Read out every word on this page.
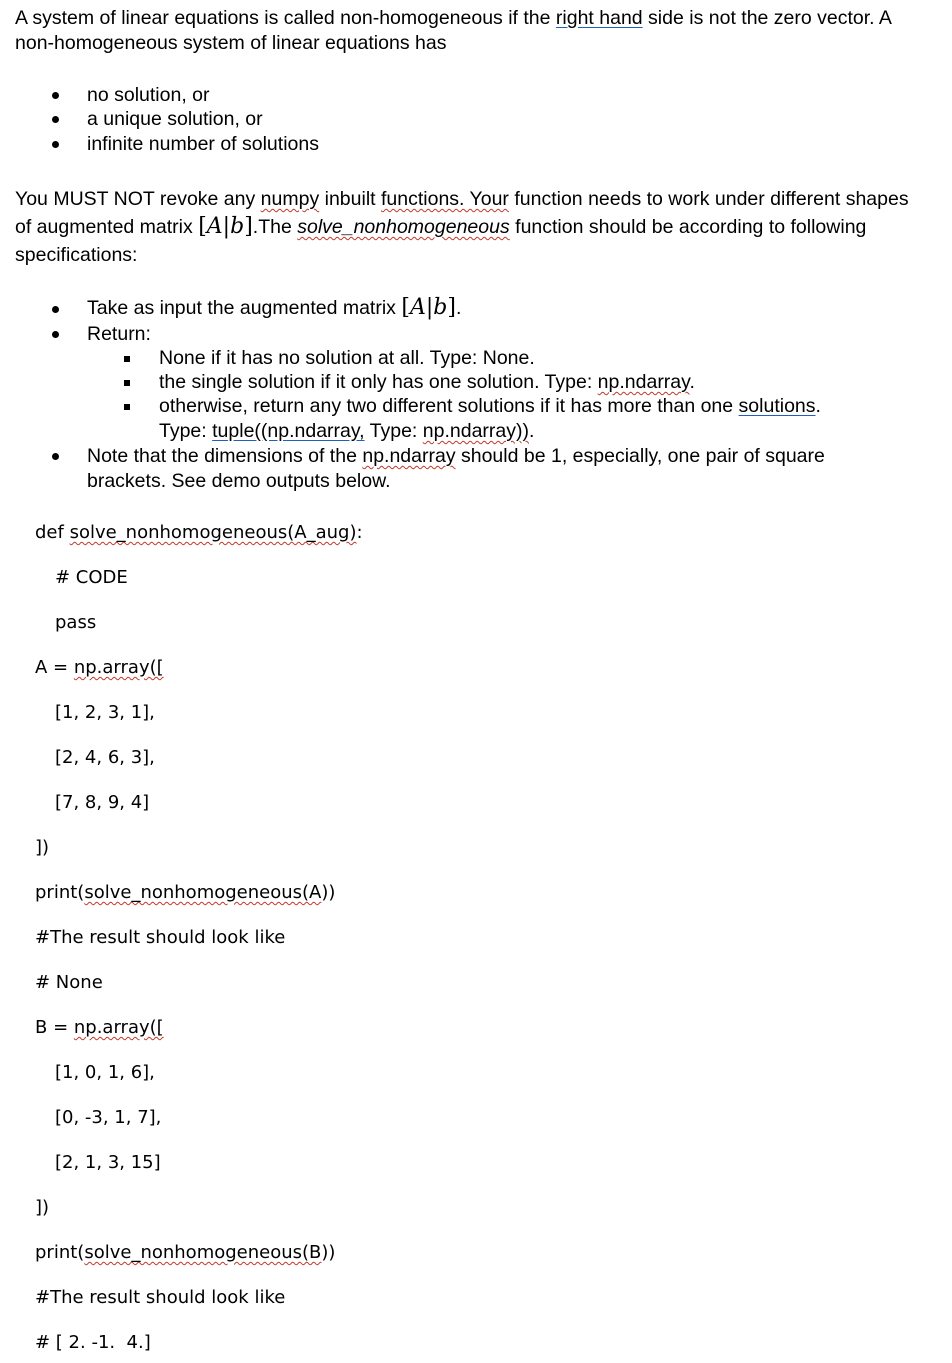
A system of linear equations is called non-homogeneous if the right hand side is not the zero vector. A non-homogeneous system of linear equations has

no solution, or
a unique solution, or
infinite number of solutions

You MUST NOT revoke any numpy inbuilt functions. Your function needs to work under different shapes of augmented matrix [A|b].The solve_nonhomogeneous function should be according to following specifications:

Take as input the augmented matrix [A|b].
Return:
None if it has no solution at all. Type: None.
the single solution if it only has one solution. Type: np.ndarray.
otherwise, return any two different solutions if it has more than one solutions.
Type: tuple((np.ndarray, Type: np.ndarray)).
Note that the dimensions of the np.ndarray should be 1, especially, one pair of square brackets. See demo outputs below.
def solve_nonhomogeneous(A_aug):
# CODE
pass
A = np.array([
[1, 2, 3, 1],
[2, 4, 6, 3],
[7, 8, 9, 4]
])
print(solve_nonhomogeneous(A))
#The result should look like
# None
B = np.array([
[1, 0, 1, 6],
[0, -3, 1, 7],
[2, 1, 3, 15]
])
print(solve_nonhomogeneous(B))
#The result should look like
# [ 2. -1.  4.]
